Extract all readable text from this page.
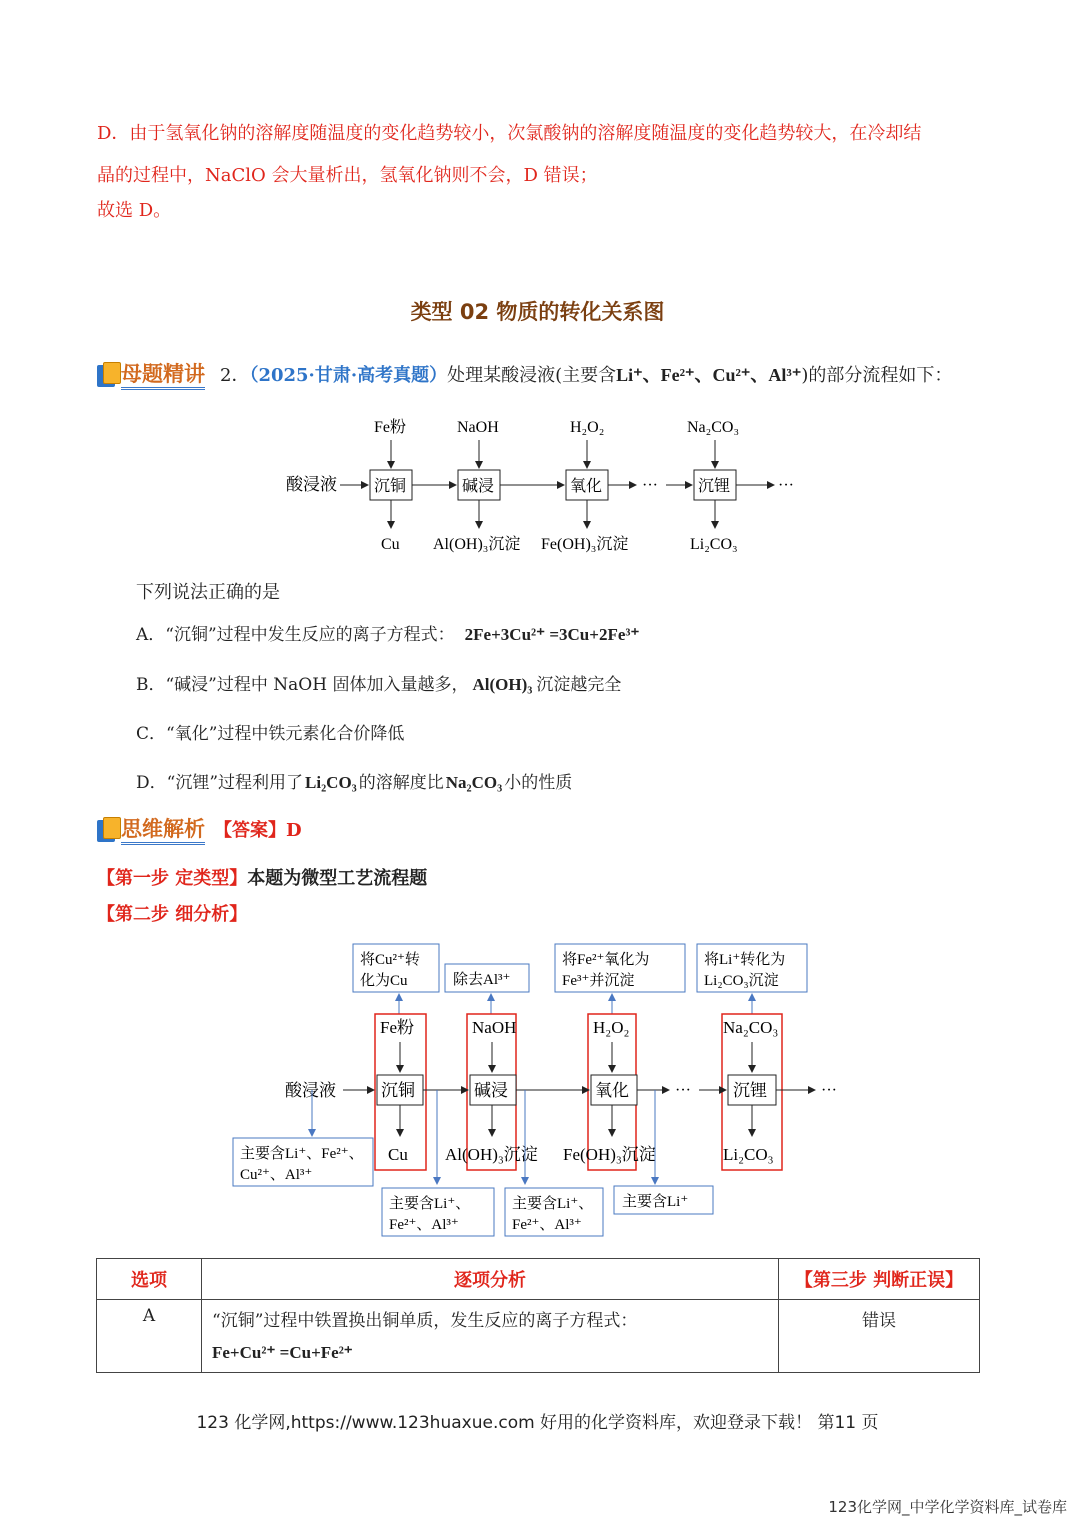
D．由于氢氧化钠的溶解度随温度的变化趋势较小，次氯酸钠的溶解度随温度的变化趋势较大，在冷却结
晶的过程中，NaClO 会大量析出，氢氧化钠则不会，D 错误；
故选 D。
类型 02 物质的转化关系图
母题精讲 2．（2025·甘肃·高考真题）处理某酸浸液(主要含Li⁺、Fe²⁺、Cu²⁺、Al³⁺)的部分流程如下：
酸浸液 沉铜	碱浸	氧化	沉锂
···	···
Fe粉	NaOH	H₂O₂	Na₂CO₃
Cu Al(OH)₃沉淀 Fe(OH)₃沉淀	Li₂CO₃
下列说法正确的是
A．“沉铜”过程中发生反应的离子方程式： 2Fe+3Cu²⁺ =3Cu+2Fe³⁺
B．“碱浸”过程中 NaOH 固体加入量越多， Al(OH)₃ 沉淀越完全
C．“氧化”过程中铁元素化合价降低
D．“沉锂”过程利用了 Li₂CO₃ 的溶解度比 Na₂CO₃ 小的性质
思维解析 【答案】D
【第一步 定类型】本题为微型工艺流程题
【第二步 细分析】
将Cu²⁺转
化为Cu	除去Al³⁺
将Fe²⁺氧化为
Fe³⁺并沉淀
将Li⁺转化为
Li₂CO₃沉淀
Fe粉	NaOH	H₂O₂	Na₂CO₃
酸浸液	沉铜	碱浸	氧化	沉锂
···	···
Cu Al(OH)₃沉淀 Fe(OH)₃沉淀	Li₂CO₃
主要含Li⁺、Fe²⁺、
Cu²⁺、Al³⁺
主要含Li⁺、
Fe²⁺、Al³⁺
主要含Li⁺、
Fe²⁺、Al³⁺
主要含Li⁺
选项	逐项分析	【第三步 判断正误】
A	“沉铜”过程中铁置换出铜单质，发生反应的离子方程式：
Fe+Cu²⁺ =Cu+Fe²⁺	错误
123 化学网,https://www.123huaxue.com 好用的化学资料库，欢迎登录下载！ 第11 页
123化学网_中学化学资料库_试卷库
